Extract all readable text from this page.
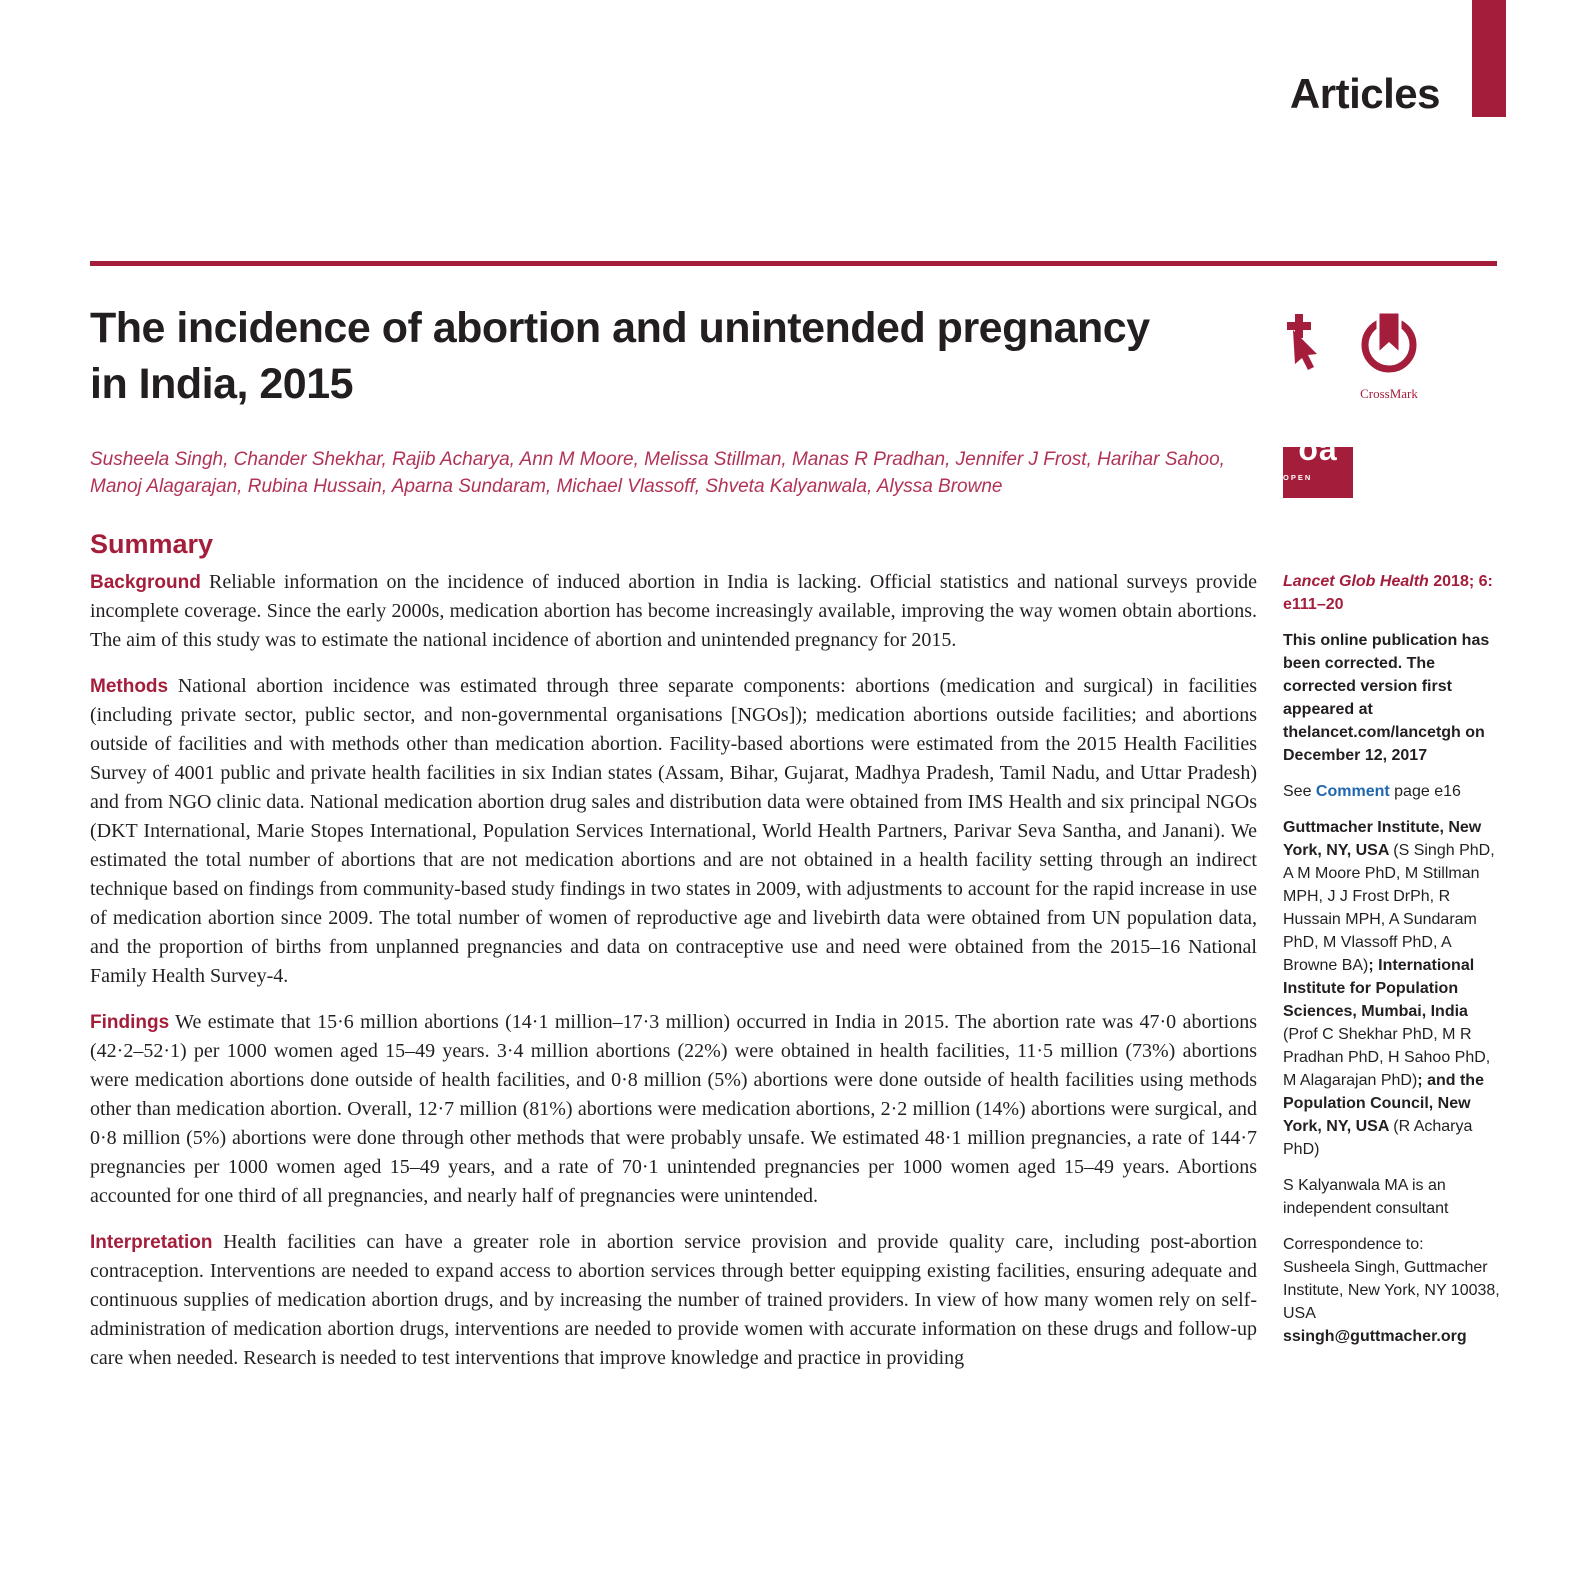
Articles
The incidence of abortion and unintended pregnancy in India, 2015

Susheela Singh, Chander Shekhar, Rajib Acharya, Ann M Moore, Melissa Stillman, Manas R Pradhan, Jennifer J Frost, Harihar Sahoo, Manoj Alagarajan, Rubina Hussain, Aparna Sundaram, Michael Vlassoff, Shveta Kalyanwala, Alyssa Browne

Summary

Background Reliable information on the incidence of induced abortion in India is lacking. Official statistics and national surveys provide incomplete coverage. Since the early 2000s, medication abortion has become increasingly available, improving the way women obtain abortions. The aim of this study was to estimate the national incidence of abortion and unintended pregnancy for 2015.

Methods National abortion incidence was estimated through three separate components: abortions (medication and surgical) in facilities (including private sector, public sector, and non-governmental organisations [NGOs]); medication abortions outside facilities; and abortions outside of facilities and with methods other than medication abortion. Facility-based abortions were estimated from the 2015 Health Facilities Survey of 4001 public and private health facilities in six Indian states (Assam, Bihar, Gujarat, Madhya Pradesh, Tamil Nadu, and Uttar Pradesh) and from NGO clinic data. National medication abortion drug sales and distribution data were obtained from IMS Health and six principal NGOs (DKT International, Marie Stopes International, Population Services International, World Health Partners, Parivar Seva Santha, and Janani). We estimated the total number of abortions that are not medication abortions and are not obtained in a health facility setting through an indirect technique based on findings from community-based study findings in two states in 2009, with adjustments to account for the rapid increase in use of medication abortion since 2009. The total number of women of reproductive age and livebirth data were obtained from UN population data, and the proportion of births from unplanned pregnancies and data on contraceptive use and need were obtained from the 2015–16 National Family Health Survey-4.

Findings We estimate that 15·6 million abortions (14·1 million–17·3 million) occurred in India in 2015. The abortion rate was 47·0 abortions (42·2–52·1) per 1000 women aged 15–49 years. 3·4 million abortions (22%) were obtained in health facilities, 11·5 million (73%) abortions were medication abortions done outside of health facilities, and 0·8 million (5%) abortions were done outside of health facilities using methods other than medication abortion. Overall, 12·7 million (81%) abortions were medication abortions, 2·2 million (14%) abortions were surgical, and 0·8 million (5%) abortions were done through other methods that were probably unsafe. We estimated 48·1 million pregnancies, a rate of 144·7 pregnancies per 1000 women aged 15–49 years, and a rate of 70·1 unintended pregnancies per 1000 women aged 15–49 years. Abortions accounted for one third of all pregnancies, and nearly half of pregnancies were unintended.

Interpretation Health facilities can have a greater role in abortion service provision and provide quality care, including post-abortion contraception. Interventions are needed to expand access to abortion services through better equipping existing facilities, ensuring adequate and continuous supplies of medication abortion drugs, and by increasing the number of trained providers. In view of how many women rely on self-administration of medication abortion drugs, interventions are needed to provide women with accurate information on these drugs and follow-up care when needed. Research is needed to test interventions that improve knowledge and practice in providing

CrossMark
oa
OPEN ACCESS

Lancet Glob Health 2018; 6: e111–20

This online publication has been corrected. The corrected version first appeared at thelancet.com/lancetgh on December 12, 2017

See Comment page e16

Guttmacher Institute, New York, NY, USA (S Singh PhD, A M Moore PhD, M Stillman MPH, J J Frost DrPh, R Hussain MPH, A Sundaram PhD, M Vlassoff PhD, A Browne BA); International Institute for Population Sciences, Mumbai, India (Prof C Shekhar PhD, M R Pradhan PhD, H Sahoo PhD, M Alagarajan PhD); and the Population Council, New York, NY, USA (R Acharya PhD)

S Kalyanwala MA is an independent consultant

Correspondence to:
Susheela Singh, Guttmacher Institute, New York, NY 10038, USA
ssingh@guttmacher.org
